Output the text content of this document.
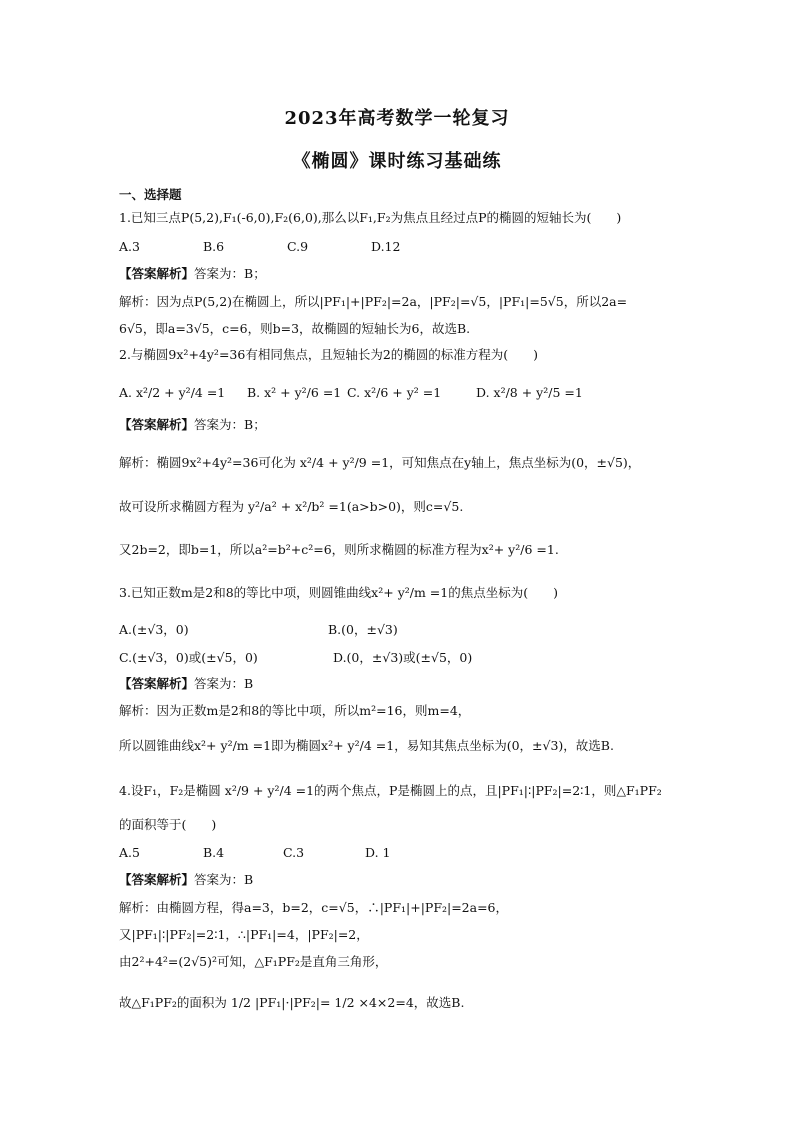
2023年高考数学一轮复习
《椭圆》课时练习基础练
一、选择题
1.已知三点P(5,2),F₁(-6,0),F₂(6,0),那么以F₁,F₂为焦点且经过点P的椭圆的短轴长为(　　)
A.3	B.6	C.9	D.12
【答案解析】答案为：B；
解析：因为点P(5,2)在椭圆上，所以|PF₁|+|PF₂|=2a，|PF₂|=√5，|PF₁|=5√5，所以2a=
6√5，即a=3√5，c=6，则b=3，故椭圆的短轴长为6，故选B.
2.与椭圆9x²+4y²=36有相同焦点，且短轴长为2的椭圆的标准方程为(　　)
A. x²/2 + y²/4 =1 B. x² + y²/6 =1 C. x²/6 + y² =1	D. x²/8 + y²/5 =1
【答案解析】答案为：B；
解析：椭圆9x²+4y²=36可化为 x²/4 + y²/9 =1，可知焦点在y轴上，焦点坐标为(0，±√5)，
故可设所求椭圆方程为 y²/a² + x²/b² =1(a>b>0)，则c=√5.
又2b=2，即b=1，所以a²=b²+c²=6，则所求椭圆的标准方程为x²+ y²/6 =1.
3.已知正数m是2和8的等比中项，则圆锥曲线x²+ y²/m =1的焦点坐标为(　　)
A.(±√3，0)	B.(0，±√3)
C.(±√3，0)或(±√5，0)	D.(0，±√3)或(±√5，0)
【答案解析】答案为：B
解析：因为正数m是2和8的等比中项，所以m²=16，则m=4，
所以圆锥曲线x²+ y²/m =1即为椭圆x²+ y²/4 =1，易知其焦点坐标为(0，±√3)，故选B.
4.设F₁，F₂是椭圆 x²/9 + y²/4 =1的两个焦点，P是椭圆上的点，且|PF₁|∶|PF₂|=2∶1，则△F₁PF₂
的面积等于(　　)
A.5	B.4	C.3	D. 1
【答案解析】答案为：B
解析：由椭圆方程，得a=3，b=2，c=√5，∴|PF₁|+|PF₂|=2a=6，
又|PF₁|∶|PF₂|=2∶1，∴|PF₁|=4，|PF₂|=2，
由2²+4²=(2√5)²可知，△F₁PF₂是直角三角形，
故△F₁PF₂的面积为 1/2 |PF₁|·|PF₂|= 1/2 ×4×2=4，故选B.
